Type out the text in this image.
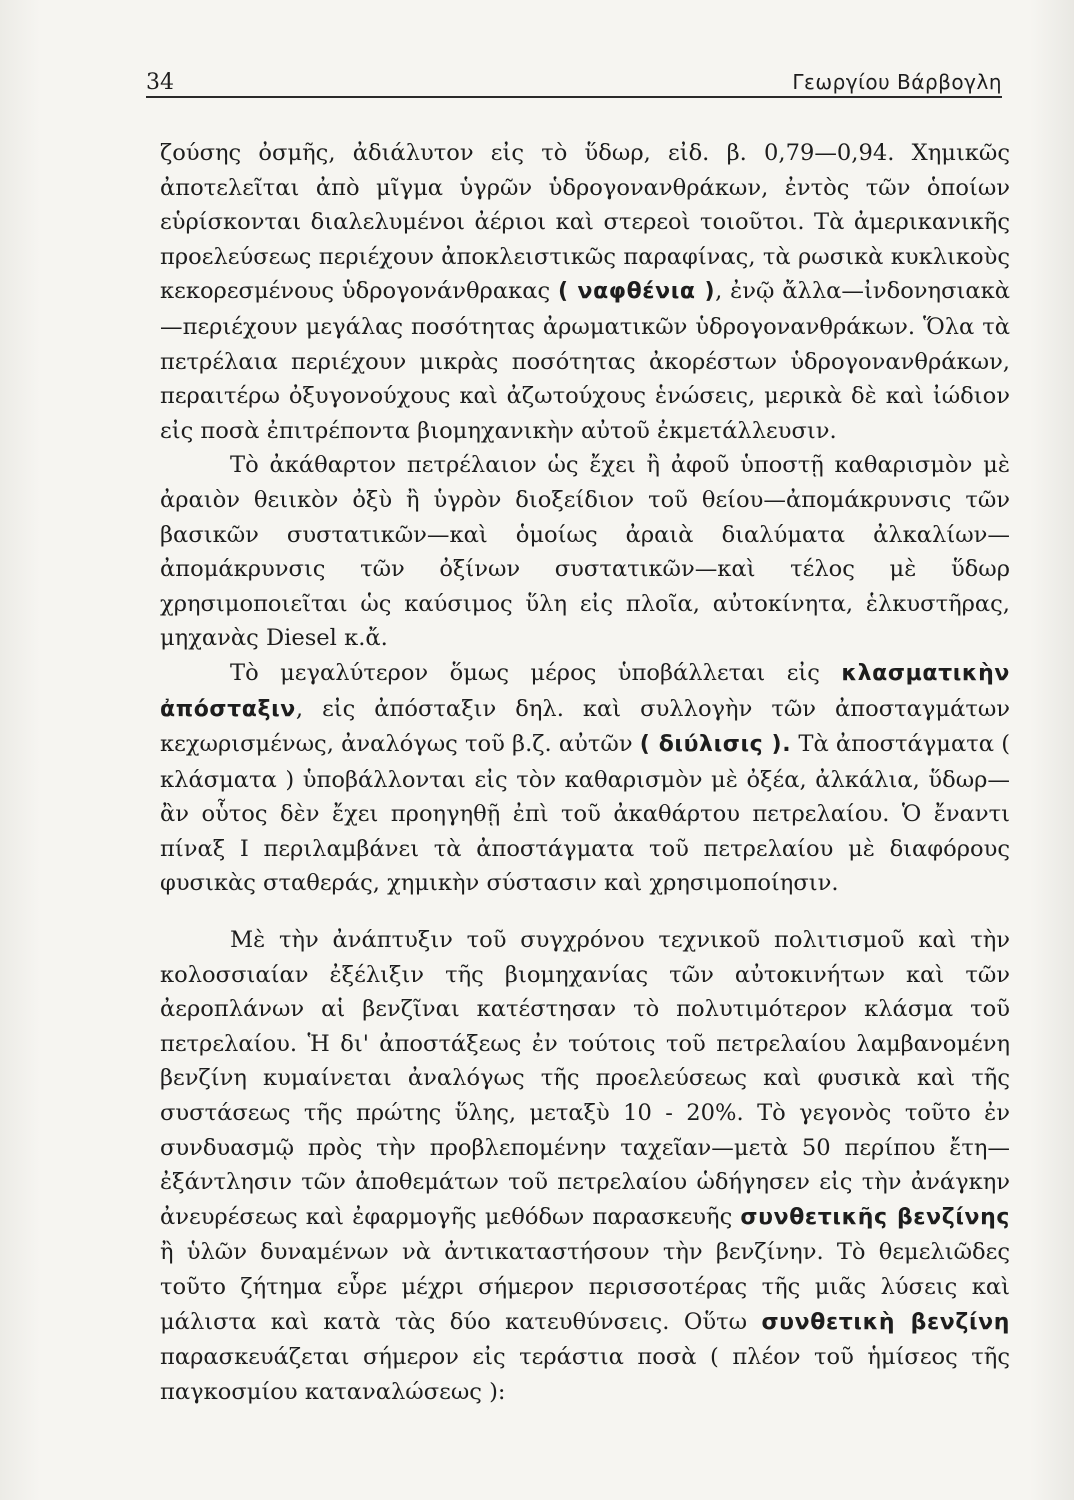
34	Γεωργίου Βάρβογλη

ζούσης ὀσμῆς, ἀδιάλυτον εἰς τὸ ὕδωρ, εἰδ. β. 0,79—0,94. Χημικῶς ἀποτελεῖται ἀπὸ μῖγμα ὑγρῶν ὑδρογονανθράκων, ἐντὸς τῶν ὁποίων εὑρίσκονται διαλελυμένοι ἀέριοι καὶ στερεοὶ τοιοῦτοι. Τὰ ἀμερικανικῆς προελεύσεως περιέχουν ἀποκλειστικῶς παραφίνας, τὰ ρωσικὰ κυκλικοὺς κεκορεσμένους ὑδρογονάνθρακας ( ναφθένια ), ἐνῷ ἄλλα—ἰνδονησιακὰ—περιέχουν μεγάλας ποσότητας ἀρωματικῶν ὑδρογονανθράκων. Ὅλα τὰ πετρέλαια περιέχουν μικρὰς ποσότητας ἀκορέστων ὑδρογονανθράκων, περαιτέρω ὀξυγονούχους καὶ ἀζωτούχους ἑνώσεις, μερικὰ δὲ καὶ ἰώδιον εἰς ποσὰ ἐπιτρέποντα βιομηχανικὴν αὐτοῦ ἐκμετάλλευσιν.

Τὸ ἀκάθαρτον πετρέλαιον ὡς ἔχει ἢ ἀφοῦ ὑποστῇ καθαρισμὸν μὲ ἀραιὸν θειικὸν ὀξὺ ἢ ὑγρὸν διοξείδιον τοῦ θείου—ἀπομάκρυνσις τῶν βασικῶν συστατικῶν—καὶ ὁμοίως ἀραιὰ διαλύματα ἀλκαλίων—ἀπομάκρυνσις τῶν ὀξίνων συστατικῶν—καὶ τέλος μὲ ὕδωρ χρησιμοποιεῖται ὡς καύσιμος ὕλη εἰς πλοῖα, αὐτοκίνητα, ἑλκυστῆρας, μηχανὰς Diesel κ.ἄ.

Τὸ μεγαλύτερον ὅμως μέρος ὑποβάλλεται εἰς κλασματικὴν ἀπόσταξιν, εἰς ἀπόσταξιν δηλ. καὶ συλλογὴν τῶν ἀποσταγμάτων κεχωρισμένως, ἀναλόγως τοῦ β.ζ. αὐτῶν ( διύλισις ). Τὰ ἀποστάγματα ( κλάσματα ) ὑποβάλλονται εἰς τὸν καθαρισμὸν μὲ ὀξέα, ἀλκάλια, ὕδωρ—ἂν οὗτος δὲν ἔχει προηγηθῇ ἐπὶ τοῦ ἀκαθάρτου πετρελαίου. Ὁ ἔναντι πίναξ I περιλαμβάνει τὰ ἀποστάγματα τοῦ πετρελαίου μὲ διαφόρους φυσικὰς σταθεράς, χημικὴν σύστασιν καὶ χρησιμοποίησιν.

Μὲ τὴν ἀνάπτυξιν τοῦ συγχρόνου τεχνικοῦ πολιτισμοῦ καὶ τὴν κολοσσιαίαν ἐξέλιξιν τῆς βιομηχανίας τῶν αὐτοκινήτων καὶ τῶν ἀεροπλάνων αἱ βενζῖναι κατέστησαν τὸ πολυτιμότερον κλάσμα τοῦ πετρελαίου. Ἡ δι' ἀποστάξεως ἐν τούτοις τοῦ πετρελαίου λαμβανομένη βενζίνη κυμαίνεται ἀναλόγως τῆς προελεύσεως καὶ φυσικὰ καὶ τῆς συστάσεως τῆς πρώτης ὕλης, μεταξὺ 10 - 20%. Τὸ γεγονὸς τοῦτο ἐν συνδυασμῷ πρὸς τὴν προβλεπομένην ταχεῖαν—μετὰ 50 περίπου ἔτη—ἐξάντλησιν τῶν ἀποθεμάτων τοῦ πετρελαίου ὡδήγησεν εἰς τὴν ἀνάγκην ἀνευρέσεως καὶ ἐφαρμογῆς μεθόδων παρασκευῆς συνθετικῆς βενζίνης ἢ ὑλῶν δυναμένων νὰ ἀντικαταστήσουν τὴν βενζίνην. Τὸ θεμελιῶδες τοῦτο ζήτημα εὗρε μέχρι σήμερον περισσοτέρας τῆς μιᾶς λύσεις καὶ μάλιστα καὶ κατὰ τὰς δύο κατευθύνσεις. Οὕτω συνθετικὴ βενζίνη παρασκευάζεται σήμερον εἰς τεράστια ποσὰ ( πλέον τοῦ ἡμίσεος τῆς παγκοσμίου καταναλώσεως ):
